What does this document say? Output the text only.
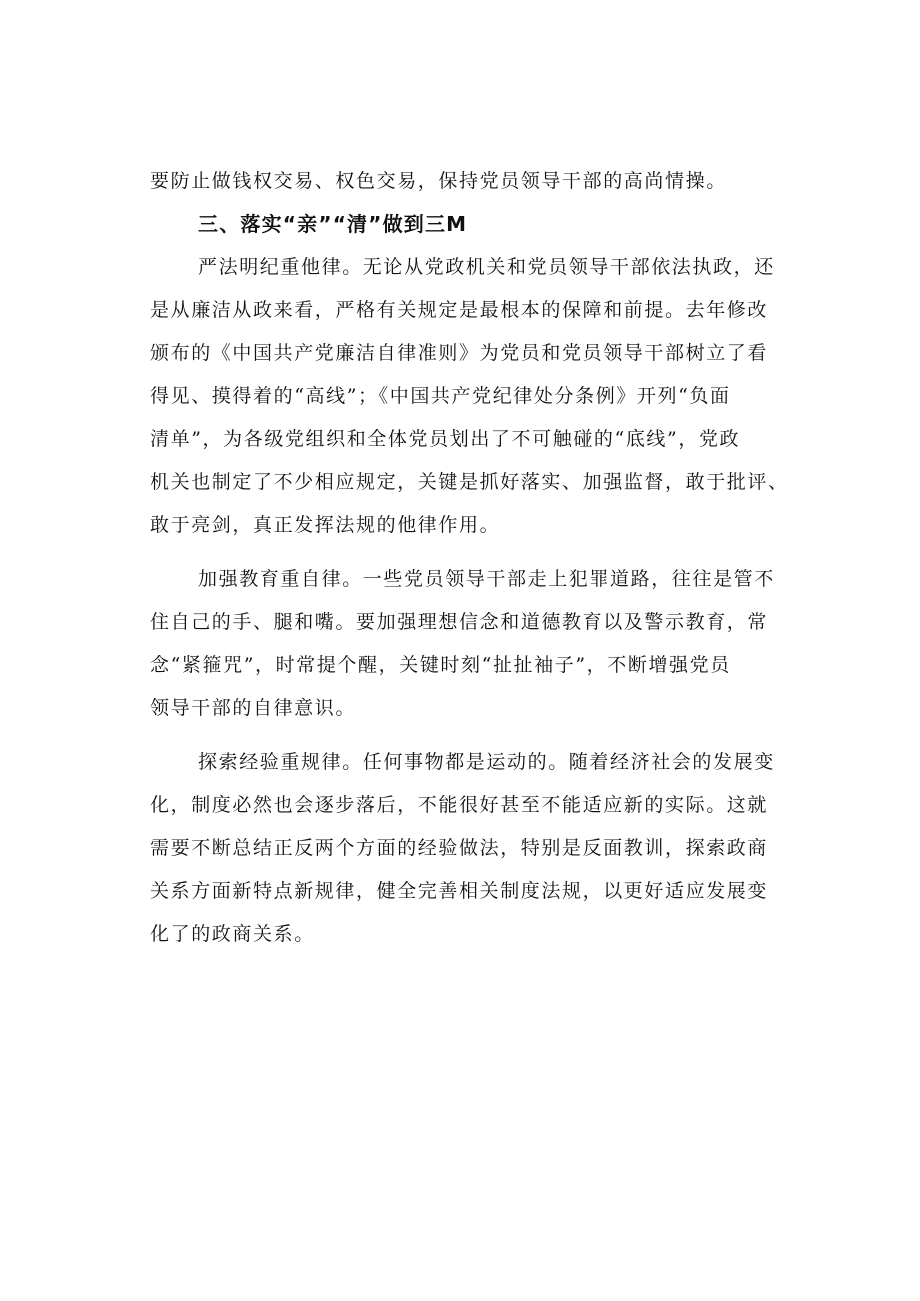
要防止做钱权交易、权色交易，保持党员领导干部的高尚情操。
三、落实“亲”“清”做到三M
严法明纪重他律。无论从党政机关和党员领导干部依法执政，还
是从廉洁从政来看，严格有关规定是最根本的保障和前提。去年修改
颁布的《中国共产党廉洁自律准则》为党员和党员领导干部树立了看
得见、摸得着的“高线”；《中国共产党纪律处分条例》开列“负面
清单”，为各级党组织和全体党员划出了不可触碰的“底线”，党政
机关也制定了不少相应规定，关键是抓好落实、加强监督，敢于批评、
敢于亮剑，真正发挥法规的他律作用。
加强教育重自律。一些党员领导干部走上犯罪道路，往往是管不
住自己的手、腿和嘴。要加强理想信念和道德教育以及警示教育，常
念“紧箍咒”，时常提个醒，关键时刻“扯扯袖子”，不断增强党员
领导干部的自律意识。
探索经验重规律。任何事物都是运动的。随着经济社会的发展变
化，制度必然也会逐步落后，不能很好甚至不能适应新的实际。这就
需要不断总结正反两个方面的经验做法，特别是反面教训，探索政商
关系方面新特点新规律，健全完善相关制度法规，以更好适应发展变
化了的政商关系。
